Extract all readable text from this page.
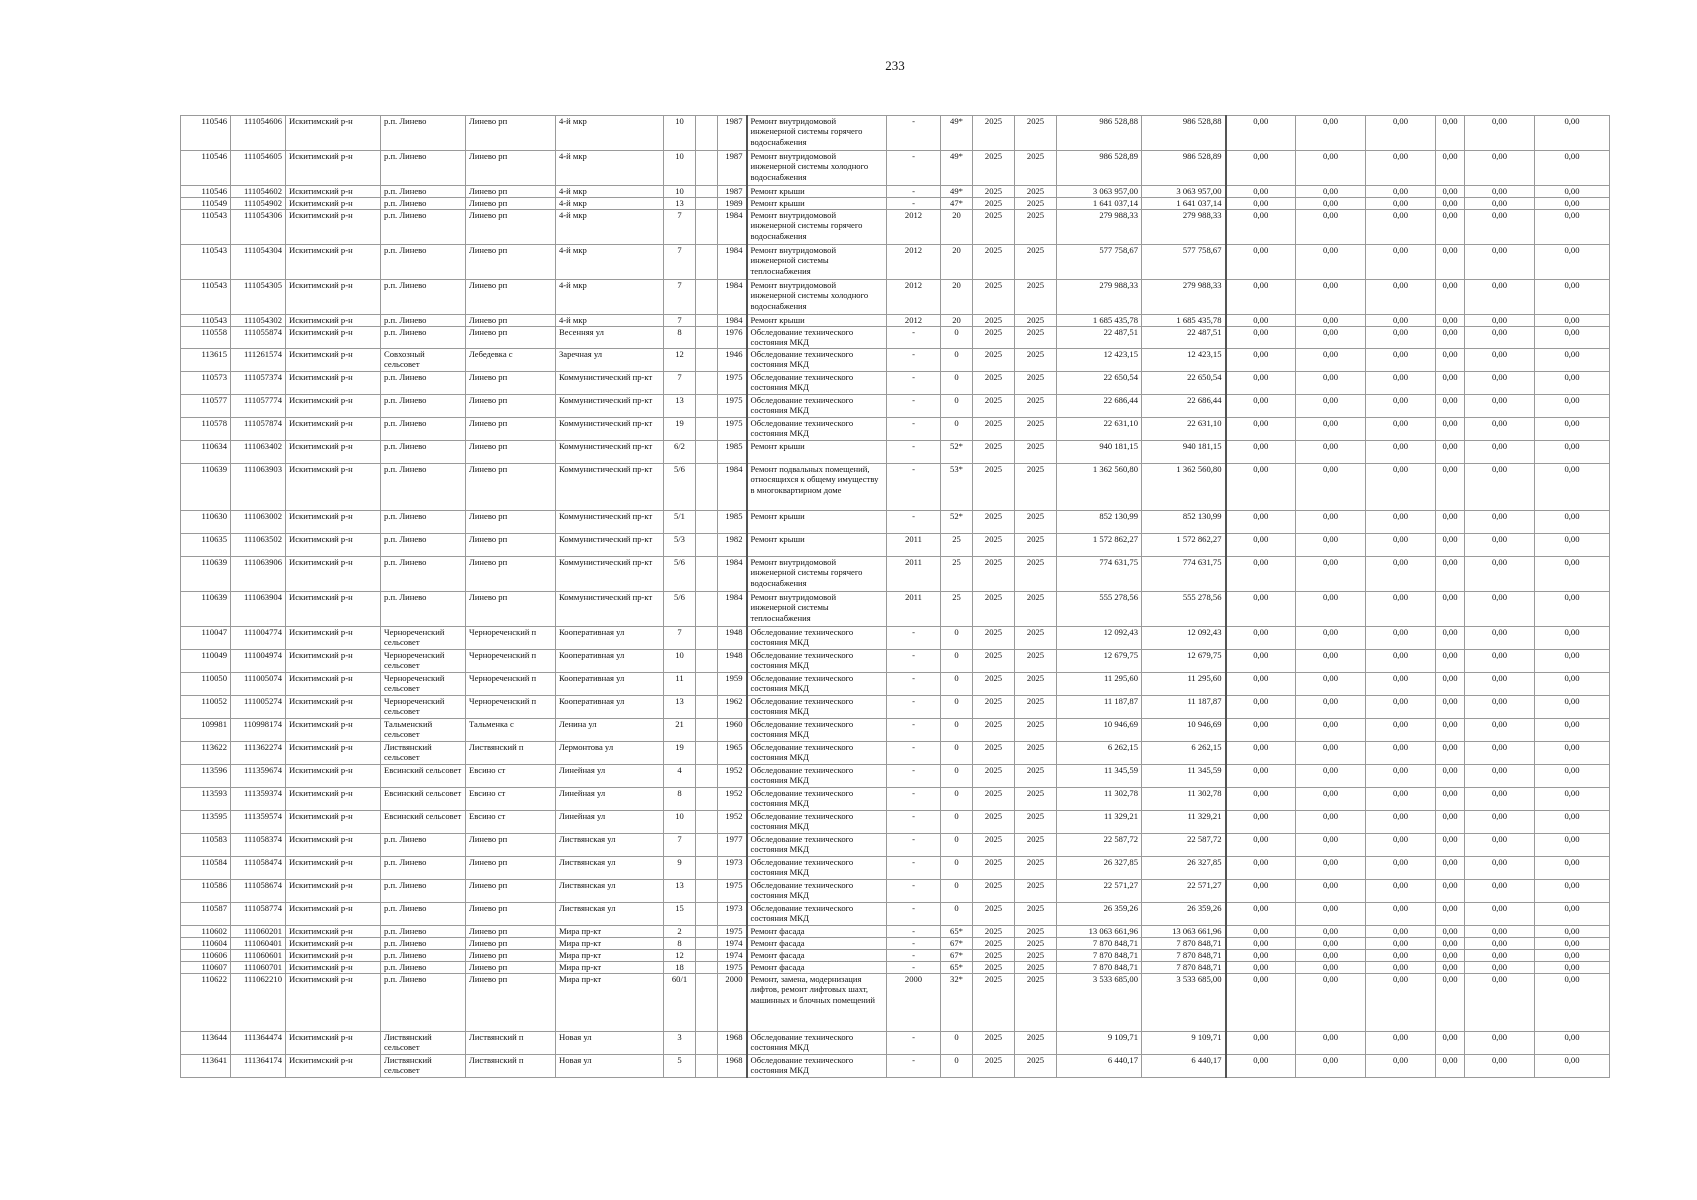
233
110546	111054606	Искитимский р-н	р.п. Линево	Линево рп	4-й мкр	10		1987	Ремонт внутридомовой инженерной системы горячего водоснабжения	-	49*	2025	2025	986 528,88	986 528,88	0,00	0,00	0,00	0,00	0,00	0,00
110546	111054605	Искитимский р-н	р.п. Линево	Линево рп	4-й мкр	10		1987	Ремонт внутридомовой инженерной системы холодного водоснабжения	-	49*	2025	2025	986 528,89	986 528,89	0,00	0,00	0,00	0,00	0,00	0,00
110546	111054602	Искитимский р-н	р.п. Линево	Линево рп	4-й мкр	10		1987	Ремонт крыши	-	49*	2025	2025	3 063 957,00	3 063 957,00	0,00	0,00	0,00	0,00	0,00	0,00
110549	111054902	Искитимский р-н	р.п. Линево	Линево рп	4-й мкр	13		1989	Ремонт крыши	-	47*	2025	2025	1 641 037,14	1 641 037,14	0,00	0,00	0,00	0,00	0,00	0,00
110543	111054306	Искитимский р-н	р.п. Линево	Линево рп	4-й мкр	7		1984	Ремонт внутридомовой инженерной системы горячего водоснабжения	2012	20	2025	2025	279 988,33	279 988,33	0,00	0,00	0,00	0,00	0,00	0,00
110543	111054304	Искитимский р-н	р.п. Линево	Линево рп	4-й мкр	7		1984	Ремонт внутридомовой инженерной системы теплоснабжения	2012	20	2025	2025	577 758,67	577 758,67	0,00	0,00	0,00	0,00	0,00	0,00
110543	111054305	Искитимский р-н	р.п. Линево	Линево рп	4-й мкр	7		1984	Ремонт внутридомовой инженерной системы холодного водоснабжения	2012	20	2025	2025	279 988,33	279 988,33	0,00	0,00	0,00	0,00	0,00	0,00
110543	111054302	Искитимский р-н	р.п. Линево	Линево рп	4-й мкр	7		1984	Ремонт крыши	2012	20	2025	2025	1 685 435,78	1 685 435,78	0,00	0,00	0,00	0,00	0,00	0,00
110558	111055874	Искитимский р-н	р.п. Линево	Линево рп	Весенняя ул	8		1976	Обследование технического состояния МКД	-	0	2025	2025	22 487,51	22 487,51	0,00	0,00	0,00	0,00	0,00	0,00
113615	111261574	Искитимский р-н	Совхозный сельсовет	Лебедевка с	Заречная ул	12		1946	Обследование технического состояния МКД	-	0	2025	2025	12 423,15	12 423,15	0,00	0,00	0,00	0,00	0,00	0,00
110573	111057374	Искитимский р-н	р.п. Линево	Линево рп	Коммунистический пр-кт	7		1975	Обследование технического состояния МКД	-	0	2025	2025	22 650,54	22 650,54	0,00	0,00	0,00	0,00	0,00	0,00
110577	111057774	Искитимский р-н	р.п. Линево	Линево рп	Коммунистический пр-кт	13		1975	Обследование технического состояния МКД	-	0	2025	2025	22 686,44	22 686,44	0,00	0,00	0,00	0,00	0,00	0,00
110578	111057874	Искитимский р-н	р.п. Линево	Линево рп	Коммунистический пр-кт	19		1975	Обследование технического состояния МКД	-	0	2025	2025	22 631,10	22 631,10	0,00	0,00	0,00	0,00	0,00	0,00
110634	111063402	Искитимский р-н	р.п. Линево	Линево рп	Коммунистический пр-кт	6/2		1985	Ремонт крыши	-	52*	2025	2025	940 181,15	940 181,15	0,00	0,00	0,00	0,00	0,00	0,00
110639	111063903	Искитимский р-н	р.п. Линево	Линево рп	Коммунистический пр-кт	5/6		1984	Ремонт подвальных помещений, относящихся к общему имуществу в многоквартирном доме	-	53*	2025	2025	1 362 560,80	1 362 560,80	0,00	0,00	0,00	0,00	0,00	0,00
110630	111063002	Искитимский р-н	р.п. Линево	Линево рп	Коммунистический пр-кт	5/1		1985	Ремонт крыши	-	52*	2025	2025	852 130,99	852 130,99	0,00	0,00	0,00	0,00	0,00	0,00
110635	111063502	Искитимский р-н	р.п. Линево	Линево рп	Коммунистический пр-кт	5/3		1982	Ремонт крыши	2011	25	2025	2025	1 572 862,27	1 572 862,27	0,00	0,00	0,00	0,00	0,00	0,00
110639	111063906	Искитимский р-н	р.п. Линево	Линево рп	Коммунистический пр-кт	5/6		1984	Ремонт внутридомовой инженерной системы горячего водоснабжения	2011	25	2025	2025	774 631,75	774 631,75	0,00	0,00	0,00	0,00	0,00	0,00
110639	111063904	Искитимский р-н	р.п. Линево	Линево рп	Коммунистический пр-кт	5/6		1984	Ремонт внутридомовой инженерной системы теплоснабжения	2011	25	2025	2025	555 278,56	555 278,56	0,00	0,00	0,00	0,00	0,00	0,00
110047	111004774	Искитимский р-н	Чернореченский сельсовет	Чернореченский п	Кооперативная ул	7		1948	Обследование технического состояния МКД	-	0	2025	2025	12 092,43	12 092,43	0,00	0,00	0,00	0,00	0,00	0,00
110049	111004974	Искитимский р-н	Чернореченский сельсовет	Чернореченский п	Кооперативная ул	10		1948	Обследование технического состояния МКД	-	0	2025	2025	12 679,75	12 679,75	0,00	0,00	0,00	0,00	0,00	0,00
110050	111005074	Искитимский р-н	Чернореченский сельсовет	Чернореченский п	Кооперативная ул	11		1959	Обследование технического состояния МКД	-	0	2025	2025	11 295,60	11 295,60	0,00	0,00	0,00	0,00	0,00	0,00
110052	111005274	Искитимский р-н	Чернореченский сельсовет	Чернореченский п	Кооперативная ул	13		1962	Обследование технического состояния МКД	-	0	2025	2025	11 187,87	11 187,87	0,00	0,00	0,00	0,00	0,00	0,00
109981	110998174	Искитимский р-н	Тальменский сельсовет	Тальменка с	Ленина ул	21		1960	Обследование технического состояния МКД	-	0	2025	2025	10 946,69	10 946,69	0,00	0,00	0,00	0,00	0,00	0,00
113622	111362274	Искитимский р-н	Листвянский сельсовет	Листвянский п	Лермонтова ул	19		1965	Обследование технического состояния МКД	-	0	2025	2025	6 262,15	6 262,15	0,00	0,00	0,00	0,00	0,00	0,00
113596	111359674	Искитимский р-н	Евсинский сельсовет	Евсино ст	Линейная ул	4		1952	Обследование технического состояния МКД	-	0	2025	2025	11 345,59	11 345,59	0,00	0,00	0,00	0,00	0,00	0,00
113593	111359374	Искитимский р-н	Евсинский сельсовет	Евсино ст	Линейная ул	8		1952	Обследование технического состояния МКД	-	0	2025	2025	11 302,78	11 302,78	0,00	0,00	0,00	0,00	0,00	0,00
113595	111359574	Искитимский р-н	Евсинский сельсовет	Евсино ст	Линейная ул	10		1952	Обследование технического состояния МКД	-	0	2025	2025	11 329,21	11 329,21	0,00	0,00	0,00	0,00	0,00	0,00
110583	111058374	Искитимский р-н	р.п. Линево	Линево рп	Листвянская ул	7		1977	Обследование технического состояния МКД	-	0	2025	2025	22 587,72	22 587,72	0,00	0,00	0,00	0,00	0,00	0,00
110584	111058474	Искитимский р-н	р.п. Линево	Линево рп	Листвянская ул	9		1973	Обследование технического состояния МКД	-	0	2025	2025	26 327,85	26 327,85	0,00	0,00	0,00	0,00	0,00	0,00
110586	111058674	Искитимский р-н	р.п. Линево	Линево рп	Листвянская ул	13		1975	Обследование технического состояния МКД	-	0	2025	2025	22 571,27	22 571,27	0,00	0,00	0,00	0,00	0,00	0,00
110587	111058774	Искитимский р-н	р.п. Линево	Линево рп	Листвянская ул	15		1973	Обследование технического состояния МКД	-	0	2025	2025	26 359,26	26 359,26	0,00	0,00	0,00	0,00	0,00	0,00
110602	111060201	Искитимский р-н	р.п. Линево	Линево рп	Мира пр-кт	2		1975	Ремонт фасада	-	65*	2025	2025	13 063 661,96	13 063 661,96	0,00	0,00	0,00	0,00	0,00	0,00
110604	111060401	Искитимский р-н	р.п. Линево	Линево рп	Мира пр-кт	8		1974	Ремонт фасада	-	67*	2025	2025	7 870 848,71	7 870 848,71	0,00	0,00	0,00	0,00	0,00	0,00
110606	111060601	Искитимский р-н	р.п. Линево	Линево рп	Мира пр-кт	12		1974	Ремонт фасада	-	67*	2025	2025	7 870 848,71	7 870 848,71	0,00	0,00	0,00	0,00	0,00	0,00
110607	111060701	Искитимский р-н	р.п. Линево	Линево рп	Мира пр-кт	18		1975	Ремонт фасада	-	65*	2025	2025	7 870 848,71	7 870 848,71	0,00	0,00	0,00	0,00	0,00	0,00
110622	111062210	Искитимский р-н	р.п. Линево	Линево рп	Мира пр-кт	60/1		2000	Ремонт, замена, модернизация лифтов, ремонт лифтовых шахт, машинных и блочных помещений	2000	32*	2025	2025	3 533 685,00	3 533 685,00	0,00	0,00	0,00	0,00	0,00	0,00
113644	111364474	Искитимский р-н	Листвянский сельсовет	Листвянский п	Новая ул	3		1968	Обследование технического состояния МКД	-	0	2025	2025	9 109,71	9 109,71	0,00	0,00	0,00	0,00	0,00	0,00
113641	111364174	Искитимский р-н	Листвянский сельсовет	Листвянский п	Новая ул	5		1968	Обследование технического состояния МКД	-	0	2025	2025	6 440,17	6 440,17	0,00	0,00	0,00	0,00	0,00	0,00
